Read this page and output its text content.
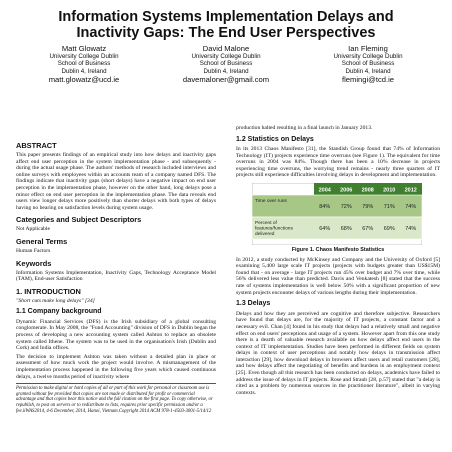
Information Systems Implementation Delays and
Inactivity Gaps: The End User Perspectives
Matt Glowatz
University College Dublin
School of Business
Dublin 4, Ireland
matt.glowatz@ucd.ie
David Malone
University College Dublin
School of Business
Dublin 4, Ireland
davemaloner@gmail.com
Ian Fleming
University College Dublin
School of Business
Dublin 4, Ireland
flemingi@tcd.ie
ABSTRACT

This paper presents findings of an empirical study into how delays and inactivity gaps affect end user perception in the system implementation phase - and subsequently - during the actual usage phase. The authors' methods of research included interviews and online surveys with employees within an accounts team of a company named DFS. The findings indicate that inactivity gaps (short delays) have a negative impact on end user perception in the implementation phase, however on the other hand, long delays pose a minor effect on end user perception in the implementation phase. The data reveals end users view longer delays more positively than shorter delays with both types of delays having no bearing on satisfaction levels during system usage.

Categories and Subject Descriptors

Not Applicable

General Terms

Human Factors

Keywords

Information Systems Implementation, Inactivity Gaps, Technology Acceptance Model (TAM), End-user Satisfaction

1. INTRODUCTION

"Short cuts make long delays" [34]

1.1 Company background

Dynamic Financial Services (DFS) is the Irish subsidiary of a global consulting conglomerate. In May 2008, the "Fund Accounting" division of DFS in Dublin began the process of developing a new accounting system called Ashton to replace an obsolete system called Ithene. The system was to be used in the organisation's Irish (Dublin and Cork) and India offices.

The decision to implement Ashton was taken without a detailed plan in place or assessment of how much work the project would involve. A mismanagement of the implementation process happened in the following five years which caused continuous delays, a twelve months period of inactivity where

Permission to make digital or hard copies of all or part of this work for personal or classroom use is granted without fee provided that copies are not made or distributed for profit or commercial advantage and that copies bear this notice and the full citation on the first page. To copy otherwise, or republish, to post on servers or to redistribute to lists, requires prior specific permission and/or a fee.iiWAS2014, 4-6 December, 2014, Hanoi, Vietnam.Copyright 2014 ACM 978-1-4503-3001-5/14/12

production halted resulting in a final launch in January 2013.

1.2 Statistics on Delays

In its 2013 Chaos Manifesto [31], the Standish Group found that 74% of Information Technology (IT) projects experience time overruns (see Figure 1). The equivalent for time overruns in 2004 was 84%. Though there has been a 10% decrease in projects experiencing time overruns, the worrying trend remains - nearly three quarters of IT projects still experience difficulties involving delays in development and implementation.

2004 2006 2008 2010 2012
Time over runs
84% 72% 79% 71% 74%
Percent of
features/functions
delivered
64% 68% 67% 69% 74%
Figure 1. Chaos Manifesto Statistics

In 2012, a study conducted by McKinsey and Company and the University of Oxford [5] examining 5,400 large scale IT projects (projects with budgets greater than US$15M) found that - on average - large IT projects run 45% over budget and 7% over time, while 56% delivered less value than predicted. Davis and Venkatesh [8] stated that the success rate of systems implementation is well below 50% with a significant proportion of new system projects encounter delays of various lengths during their implementation.

1.3 Delays

Delays and how they are perceived are cognitive and therefore subjective. Researchers have found that delays are, for the majority of IT projects, a constant factor and a necessary evil. Chan [4] found in his study that delays had a relatively small and negative effect on end users' perceptions and usage of a system. However apart from this one study there is a dearth of valuable research available on how delays affect end users in the context of IT implementation. Studies have been performed in different fields on system delays in context of user perceptions and notably how delays in transmission affect interaction [29], how download delays in browsers affect users and retail customers [28], and how delays affect the negotiating of benefits and burdens in an employment context [25]. Even though all this research has been conducted on delays, academics have failed to address the issue of delays in IT projects. Rose and Straub [28, p.57] stated that "a delay is cited as a problem by numerous sources in the practitioner literature", albeit in varying contexts.
